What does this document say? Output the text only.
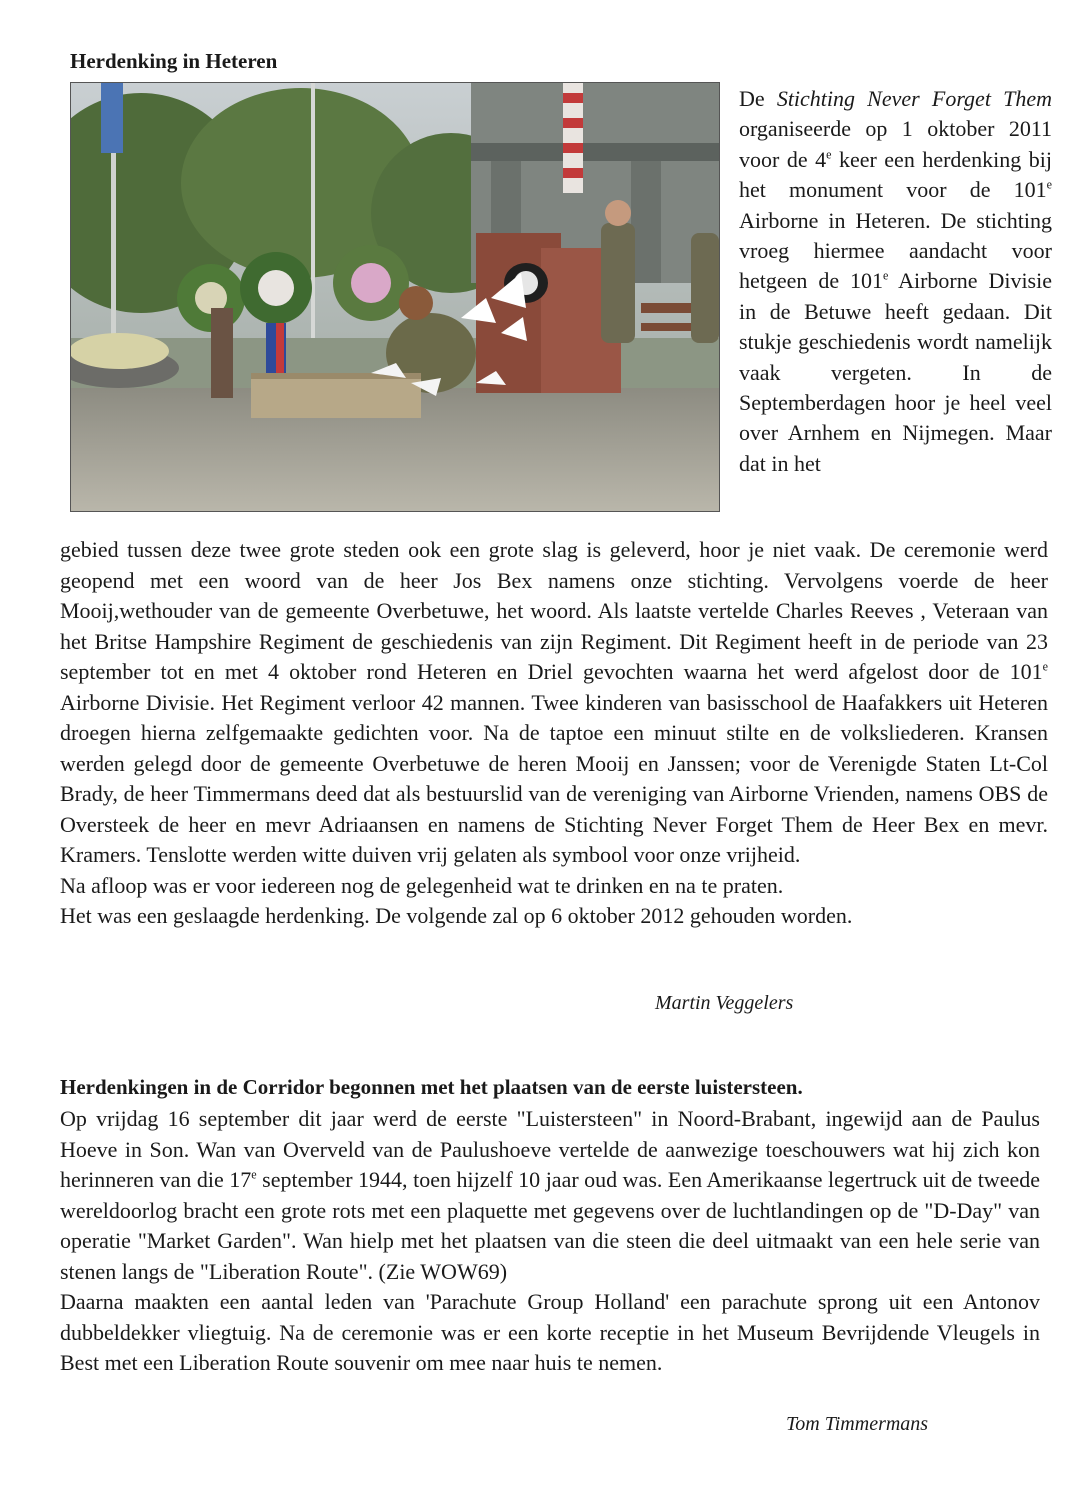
Herdenking in Heteren

De Stichting Never Forget Them organiseerde op 1 oktober 2011 voor de 4e keer een herdenking bij het monument voor de 101e Airborne in Heteren. De stichting vroeg hiermee aandacht voor hetgeen de 101e Airborne Divisie in de Betuwe heeft gedaan. Dit stukje geschiedenis wordt namelijk vaak vergeten. In de Septemberdagen hoor je heel veel over Arnhem en Nijmegen. Maar dat in het

gebied tussen deze twee grote steden ook een grote slag is geleverd, hoor je niet vaak. De ceremonie werd geopend met een woord van de heer Jos Bex namens onze stichting. Vervolgens voerde de heer Mooij,wethouder van de gemeente Overbetuwe, het woord. Als laatste vertelde Charles Reeves , Veteraan van het Britse Hampshire Regiment de geschiedenis van zijn Regiment. Dit Regiment heeft in de periode van 23 september tot en met 4 oktober rond Heteren en Driel gevochten waarna het werd afgelost door de 101e Airborne Divisie. Het Regiment verloor 42 mannen. Twee kinderen van basisschool de Haafakkers uit Heteren droegen hierna zelfgemaakte gedichten voor. Na de taptoe een minuut stilte en de volksliederen. Kransen werden gelegd door de gemeente Overbetuwe de heren Mooij en Janssen; voor de Verenigde Staten Lt-Col Brady, de heer Timmermans deed dat als bestuurslid van de vereniging van Airborne Vrienden, namens OBS de Oversteek de heer en mevr Adriaansen en namens de Stichting Never Forget Them de Heer Bex en mevr. Kramers. Tenslotte werden witte duiven vrij gelaten als symbool voor onze vrijheid.
Na afloop was er voor iedereen nog de gelegenheid wat te drinken en na te praten.
Het was een geslaagde herdenking. De volgende zal op 6 oktober 2012 gehouden worden.

Martin Veggelers
Herdenkingen in de Corridor begonnen met het plaatsen van de eerste luistersteen.

Op vrijdag 16 september dit jaar werd de eerste "Luistersteen" in Noord-Brabant, ingewijd aan de Paulus Hoeve in Son. Wan van Overveld van de Paulushoeve vertelde de aanwezige toeschouwers wat hij zich kon herinneren van die 17e september 1944, toen hijzelf 10 jaar oud was. Een Amerikaanse legertruck uit de tweede wereldoorlog bracht een grote rots met een plaquette met gegevens over de luchtlandingen op de "D-Day" van operatie "Market Garden". Wan hielp met het plaatsen van die steen die deel uitmaakt van een hele serie van stenen langs de "Liberation Route". (Zie WOW69)
Daarna maakten een aantal leden van 'Parachute Group Holland' een parachute sprong uit een Antonov dubbeldekker vliegtuig. Na de ceremonie was er een korte receptie in het Museum Bevrijdende Vleugels in Best met een Liberation Route souvenir om mee naar huis te nemen.

Tom Timmermans
